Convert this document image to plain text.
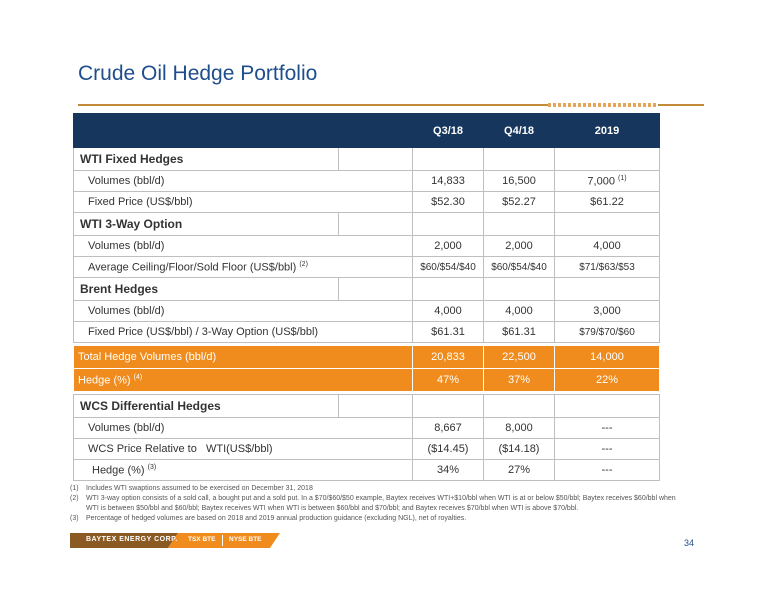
Crude Oil Hedge Portfolio
		Q3/18	Q4/18	2019
WTI Fixed Hedges				
Volumes (bbl/d)		14,833	16,500	7,000 $^{(1)}$
Fixed Price (US$/bbl)		$52.30	$52.27	$61.22
WTI 3-Way Option				
Volumes (bbl/d)		2,000	2,000	4,000
Average Ceiling/Floor/Sold Floor (US$/bbl) $^{(2)}$		$60/$54/$40	$60/$54/$40	$71/$63/$53
Brent Hedges				
Volumes (bbl/d)		4,000	4,000	3,000
Fixed Price (US$/bbl) / 3-Way Option (US$/bbl)		$61.31	$61.31	$79/$70/$60

Total Hedge Volumes (bbl/d)		20,833	22,500	14,000
Hedge (%) $^{(4)}$		47%	37%	22%

WCS Differential Hedges				
Volumes (bbl/d)		8,667	8,000	---
WCS Price Relative to   WTI(US$/bbl)		($14.45)	($14.18)	---
Hedge (%) $^{(3)}$		34%	27%	---
(1)	Includes WTI swaptions assumed to be exercised on December 31, 2018
(2)	WTI 3-way option consists of a sold call, a bought put and a sold put. In a $70/$60/$50 example, Baytex receives WTI+$10/bbl when WTI is at or below $50/bbl; Baytex receives $60/bbl when WTI is between $50/bbl and $60/bbl; Baytex receives WTI when WTI is between $60/bbl and $70/bbl; and Baytex receives $70/bbl when WTI is above $70/bbl.
(3)	Percentage of hedged volumes are based on 2018 and 2019 annual production guidance (excluding NGL), net of royalties.
BAYTEX ENERGY CORP. TSX BTE NYSE BTE	34
